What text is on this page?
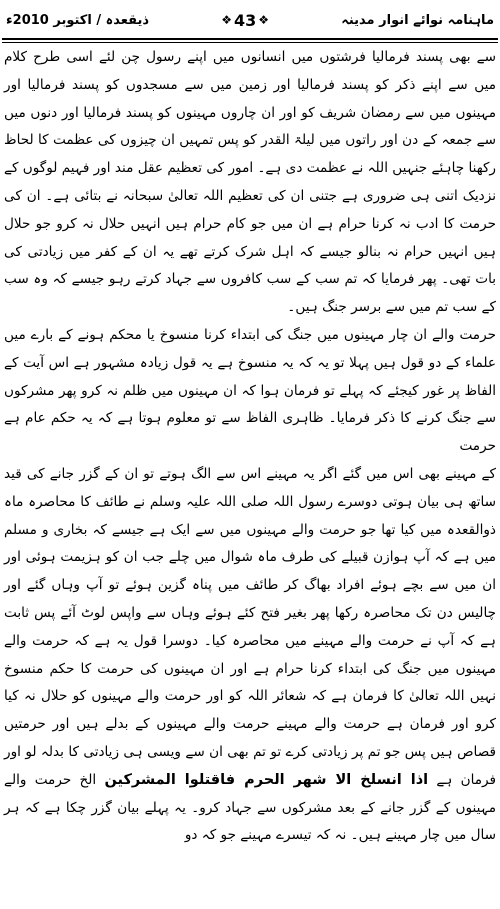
ماہنامہ نوائے انوار مدینہ
❖
43
❖
ذیقعدہ / اکتوبر 2010ء

سے بھی پسند فرمالیا فرشتوں میں انسانوں میں اپنے رسول چن لئے اسی طرح کلام میں سے اپنے ذکر کو پسند فرمالیا اور زمین میں سے مسجدوں کو پسند فرمالیا اور مہینوں میں سے رمضان شریف کو اور ان چاروں مہینوں کو پسند فرمالیا اور دنوں میں سے جمعہ کے دن اور راتوں میں لیلۃ القدر کو پس تمہیں ان چیزوں کی عظمت کا لحاظ رکھنا چاہئے جنہیں اللہ نے عظمت دی ہے۔ امور کی تعظیم عقل مند اور فہیم لوگوں کے نزدیک اتنی ہی ضروری ہے جتنی ان کی تعظیم اللہ تعالیٰ سبحانہ نے بتائی ہے۔ ان کی حرمت کا ادب نہ کرنا حرام ہے ان میں جو کام حرام ہیں انہیں حلال نہ کرو جو حلال ہیں انہیں حرام نہ بنالو جیسے کہ اہل شرک کرتے تھے یہ ان کے کفر میں زیادتی کی بات تھی۔ پھر فرمایا کہ تم سب کے سب کافروں سے جہاد کرتے رہو جیسے کہ وہ سب کے سب تم میں سے برسر جنگ ہیں۔

حرمت والے ان چار مہینوں میں جنگ کی ابتداء کرنا منسوخ یا محکم ہونے کے بارے میں علماء کے دو قول ہیں پہلا تو یہ کہ یہ منسوخ ہے یہ قول زیادہ مشہور ہے اس آیت کے الفاظ پر غور کیجئے کہ پہلے تو فرمان ہوا کہ ان مہینوں میں ظلم نہ کرو پھر مشرکوں سے جنگ کرنے کا ذکر فرمایا۔ ظاہری الفاظ سے تو معلوم ہوتا ہے کہ یہ حکم عام ہے حرمت

کے مہینے بھی اس میں گئے اگر یہ مہینے اس سے الگ ہوتے تو ان کے گزر جانے کی قید ساتھ ہی بیان ہوتی دوسرے رسول اللہ صلی اللہ علیہ وسلم نے طائف کا محاصرہ ماہ ذوالقعدہ میں کیا تھا جو حرمت والے مہینوں میں سے ایک ہے جیسے کہ بخاری و مسلم میں ہے کہ آپ ہوازن قبیلے کی طرف ماہ شوال میں چلے جب ان کو ہزیمت ہوئی اور ان میں سے بچے ہوئے افراد بھاگ کر طائف میں پناہ گزین ہوئے تو آپ وہاں گئے اور چالیس دن تک محاصرہ رکھا پھر بغیر فتح کئے ہوئے وہاں سے واپس لوٹ آئے پس ثابت ہے کہ آپ نے حرمت والے مہینے میں محاصرہ کیا۔ دوسرا قول یہ ہے کہ حرمت والے مہینوں میں جنگ کی ابتداء کرنا حرام ہے اور ان مہینوں کی حرمت کا حکم منسوخ نہیں اللہ تعالیٰ کا فرمان ہے کہ شعائر اللہ کو اور حرمت والے مہینوں کو حلال نہ کیا کرو اور فرمان ہے حرمت والے مہینے حرمت والے مہینوں کے بدلے ہیں اور حرمتیں قصاص ہیں پس جو تم پر زیادتی کرے تو تم بھی ان سے ویسی ہی زیادتی کا بدلہ لو اور فرمان ہے اذا انسلخ الا شھر الحرم فاقتلوا المشرکین الخ حرمت والے مہینوں کے گزر جانے کے بعد مشرکوں سے جہاد کرو۔ یہ پہلے بیان گزر چکا ہے کہ ہر سال میں چار مہینے ہیں۔ نہ کہ تیسرے مہینے جو کہ دو
